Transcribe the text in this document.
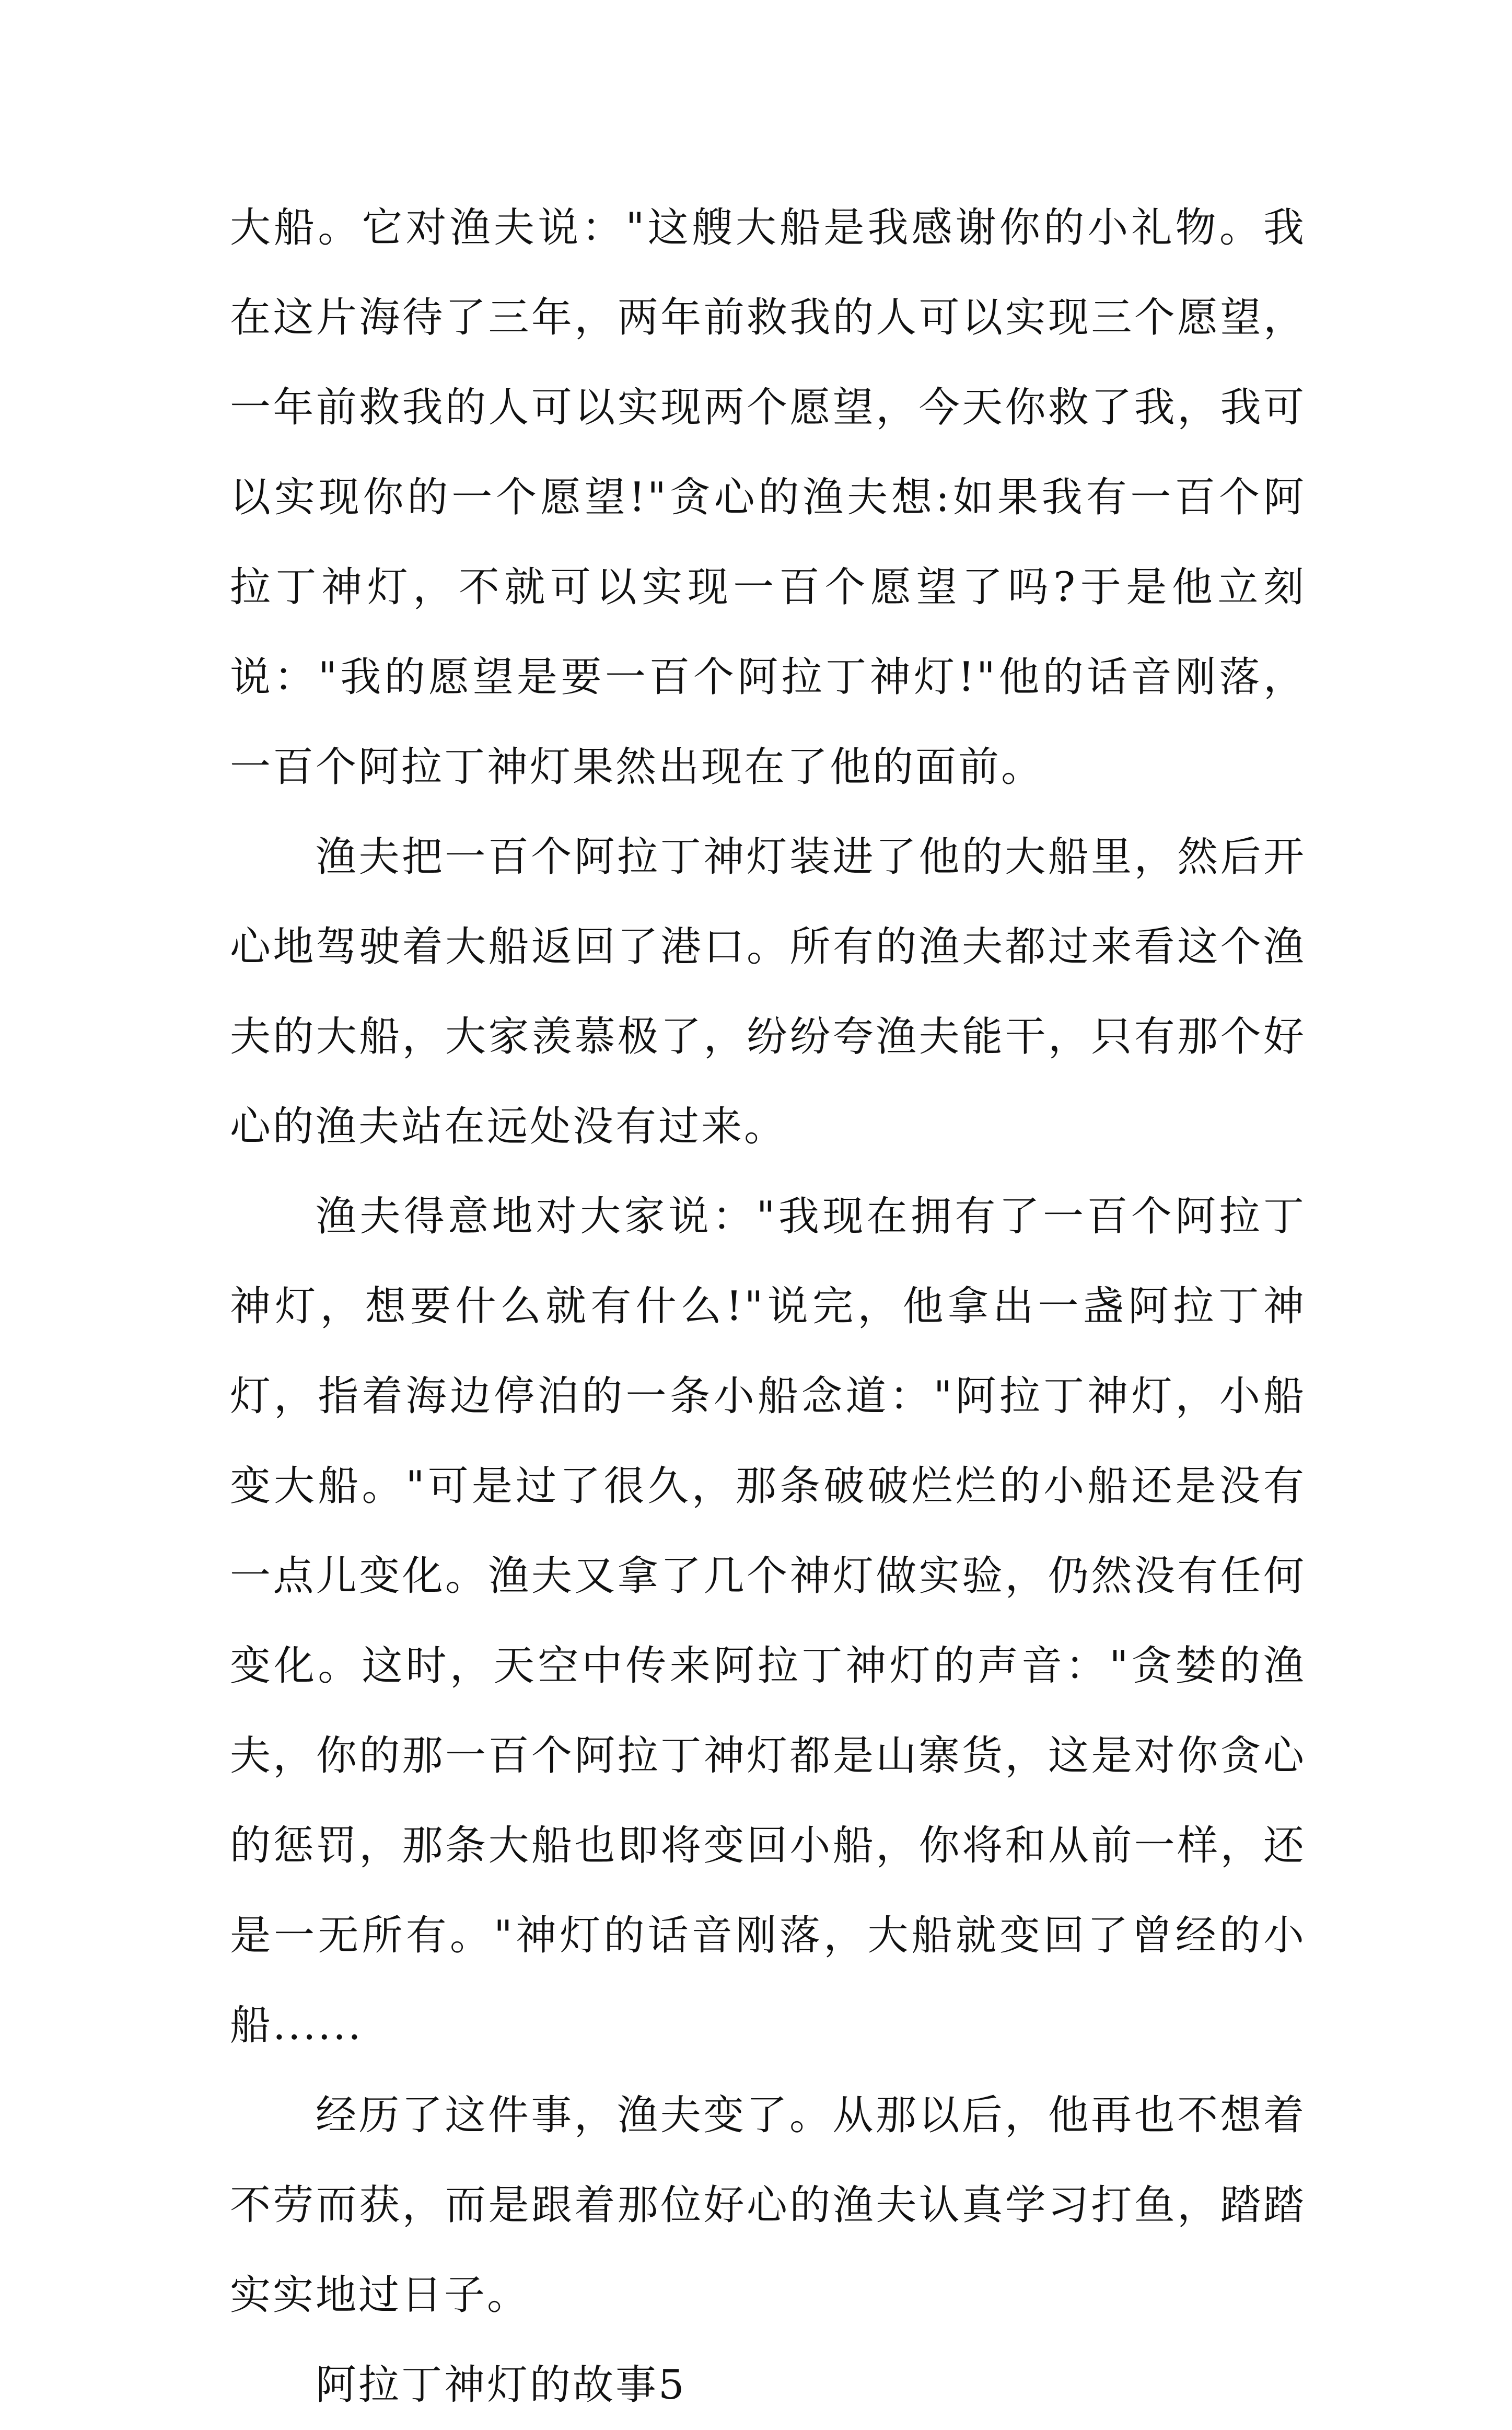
大船。它对渔夫说："这艘大船是我感谢你的小礼物。我在这片海待了三年，两年前救我的人可以实现三个愿望，一年前救我的人可以实现两个愿望，今天你救了我，我可以实现你的一个愿望!"贪心的渔夫想:如果我有一百个阿拉丁神灯，不就可以实现一百个愿望了吗?于是他立刻说："我的愿望是要一百个阿拉丁神灯!"他的话音刚落，一百个阿拉丁神灯果然出现在了他的面前。

渔夫把一百个阿拉丁神灯装进了他的大船里，然后开心地驾驶着大船返回了港口。所有的渔夫都过来看这个渔夫的大船，大家羡慕极了，纷纷夸渔夫能干，只有那个好心的渔夫站在远处没有过来。

渔夫得意地对大家说："我现在拥有了一百个阿拉丁神灯，想要什么就有什么!"说完，他拿出一盏阿拉丁神灯，指着海边停泊的一条小船念道："阿拉丁神灯，小船变大船。"可是过了很久，那条破破烂烂的小船还是没有一点儿变化。渔夫又拿了几个神灯做实验，仍然没有任何变化。这时，天空中传来阿拉丁神灯的声音："贪婪的渔夫，你的那一百个阿拉丁神灯都是山寨货，这是对你贪心的惩罚，那条大船也即将变回小船，你将和从前一样，还是一无所有。"神灯的话音刚落，大船就变回了曾经的小船......

经历了这件事，渔夫变了。从那以后，他再也不想着不劳而获，而是跟着那位好心的渔夫认真学习打鱼，踏踏实实地过日子。

阿拉丁神灯的故事5
